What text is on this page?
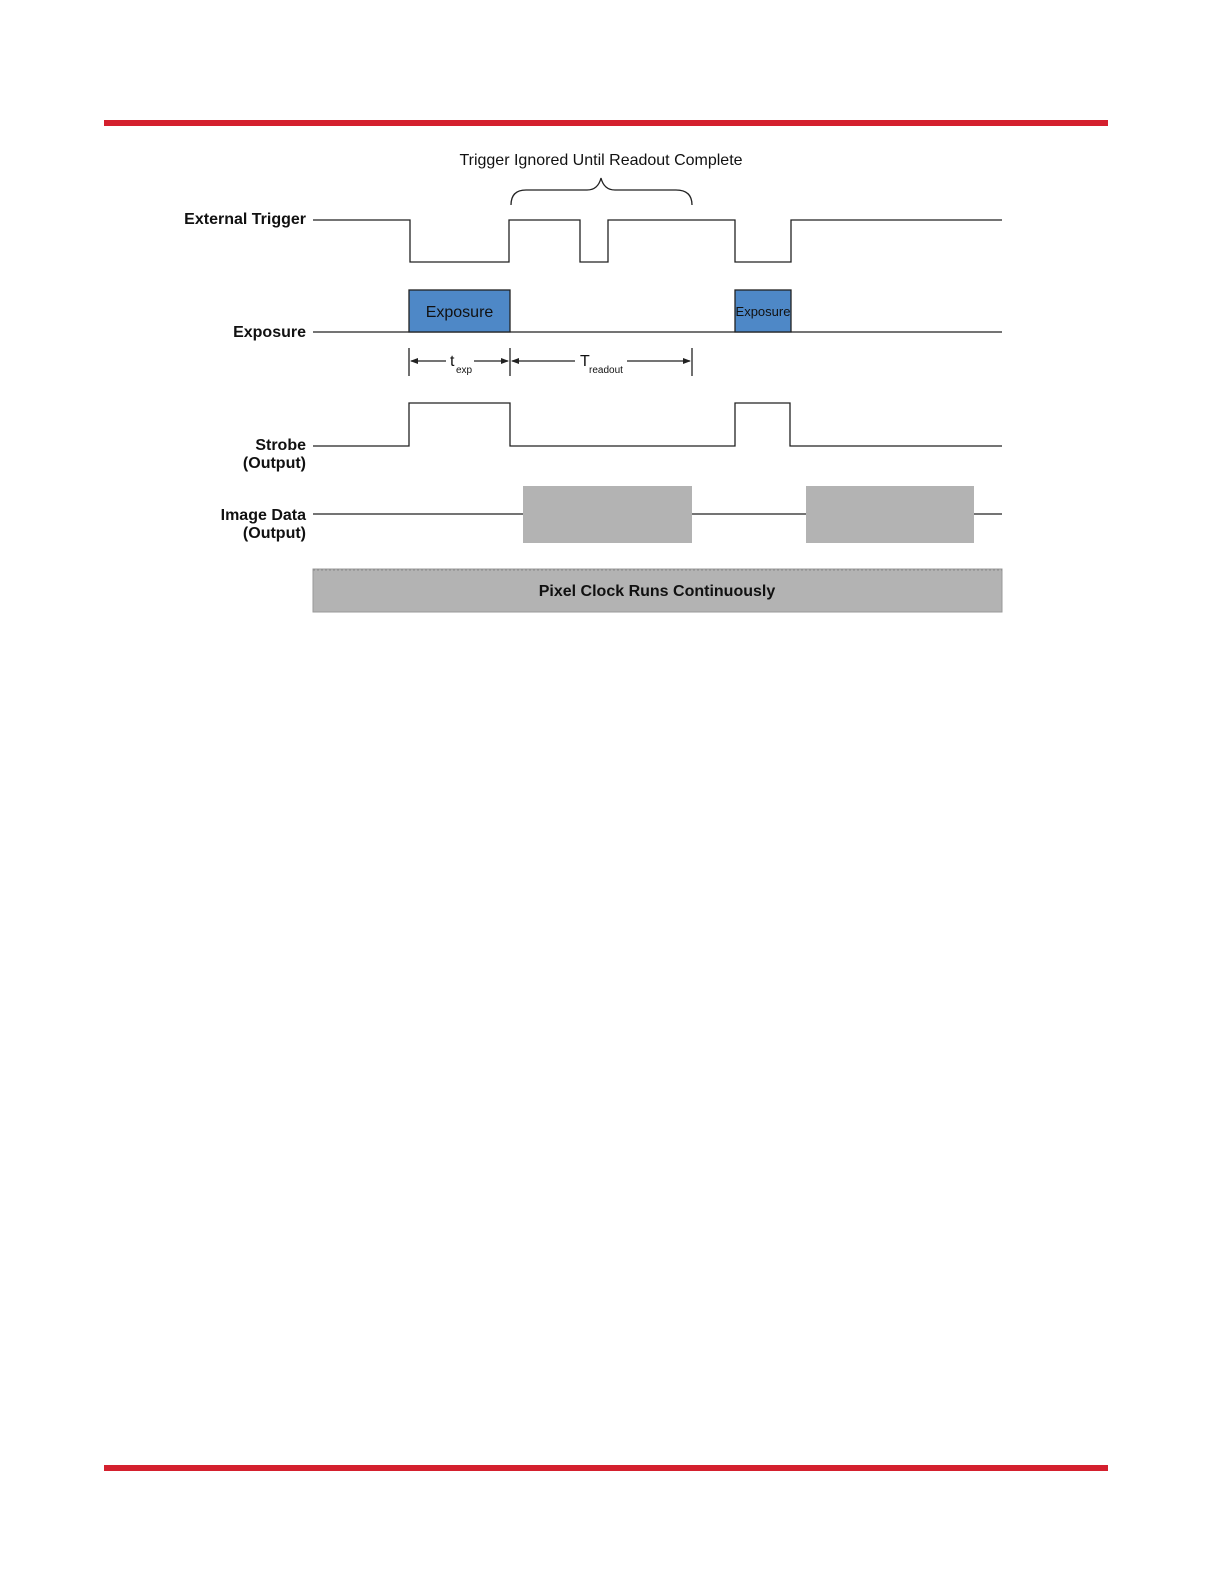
Trigger Ignored Until Readout Complete
External Trigger
Exposure
Strobe
(Output)
Image Data
(Output)
Exposure	Exposure
t
exp
T
readout
Pixel Clock Runs Continuously
